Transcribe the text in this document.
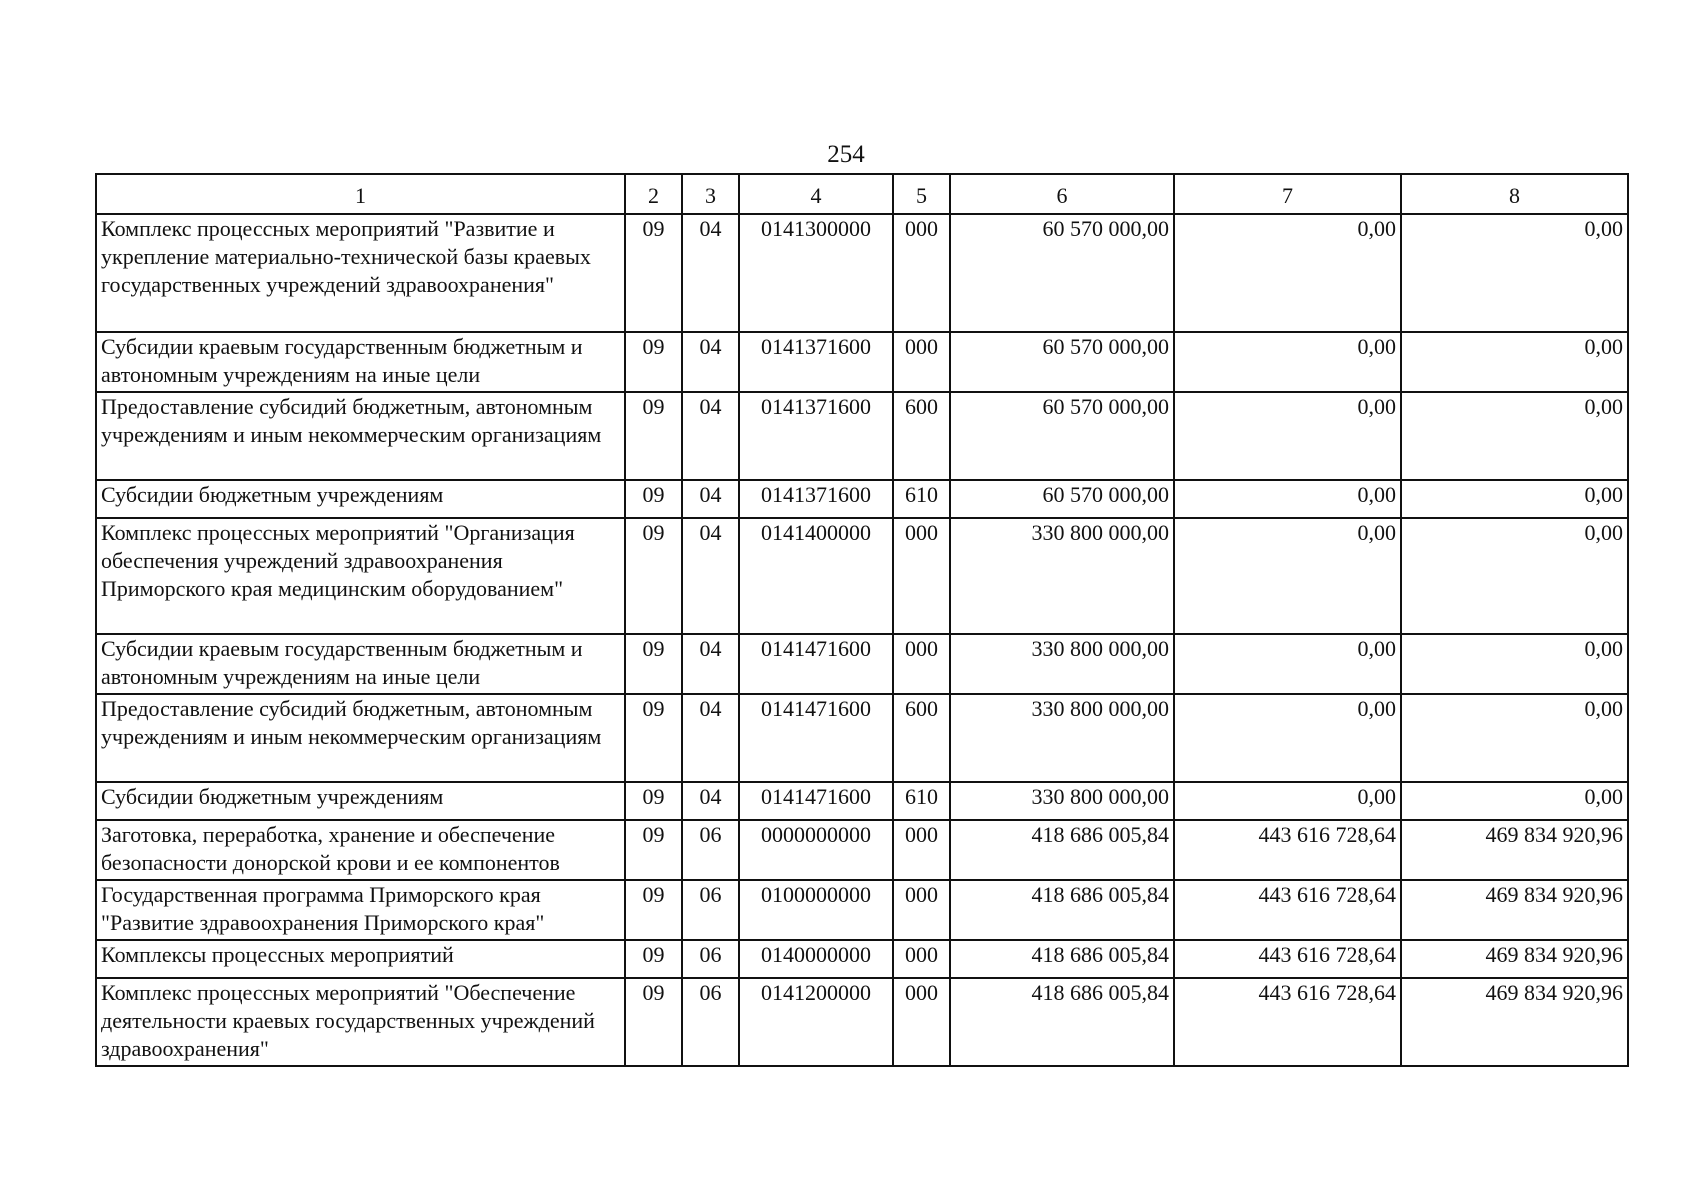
254
1	2	3	4	5	6	7	8
Комплекс процессных мероприятий "Развитие и укрепление материально-технической базы краевых государственных учреждений здравоохранения"	09	04	0141300000	000	60 570 000,00	0,00	0,00
Субсидии краевым государственным бюджетным и автономным учреждениям на иные цели	09	04	0141371600	000	60 570 000,00	0,00	0,00
Предоставление субсидий бюджетным, автономным учреждениям и иным некоммерческим организациям	09	04	0141371600	600	60 570 000,00	0,00	0,00
Субсидии бюджетным учреждениям	09	04	0141371600	610	60 570 000,00	0,00	0,00
Комплекс процессных мероприятий "Организация обеспечения учреждений здравоохранения Приморского края медицинским оборудованием"	09	04	0141400000	000	330 800 000,00	0,00	0,00
Субсидии краевым государственным бюджетным и автономным учреждениям на иные цели	09	04	0141471600	000	330 800 000,00	0,00	0,00
Предоставление субсидий бюджетным, автономным учреждениям и иным некоммерческим организациям	09	04	0141471600	600	330 800 000,00	0,00	0,00
Субсидии бюджетным учреждениям	09	04	0141471600	610	330 800 000,00	0,00	0,00
Заготовка, переработка, хранение и обеспечение безопасности донорской крови и ее компонентов	09	06	0000000000	000	418 686 005,84	443 616 728,64	469 834 920,96
Государственная программа Приморского края "Развитие здравоохранения Приморского края"	09	06	0100000000	000	418 686 005,84	443 616 728,64	469 834 920,96
Комплексы процессных мероприятий	09	06	0140000000	000	418 686 005,84	443 616 728,64	469 834 920,96
Комплекс процессных мероприятий "Обеспечение деятельности краевых государственных учреждений здравоохранения"	09	06	0141200000	000	418 686 005,84	443 616 728,64	469 834 920,96
